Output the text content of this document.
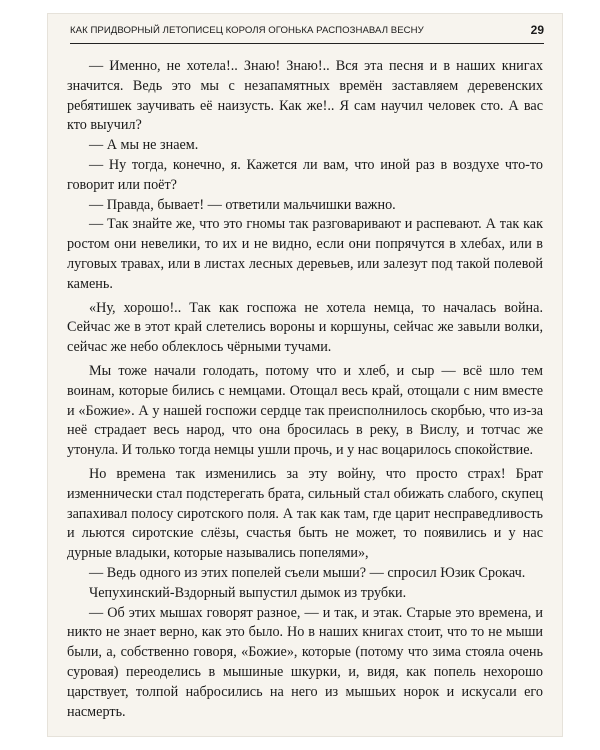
КАК ПРИДВОРНЫЙ ЛЕТОПИСЕЦ КОРОЛЯ ОГОНЬКА РАСПОЗНАВАЛ ВЕСНУ	29

— Именно, не хотела!.. Знаю! Знаю!.. Вся эта песня и в наших книгах значится. Ведь это мы с незапамятных времён заставляем деревенских ребятишек заучивать её наизусть. Как же!.. Я сам научил человек сто. А вас кто выучил?

— А мы не знаем.

— Ну тогда, конечно, я. Кажется ли вам, что иной раз в воздухе что-то говорит или поёт?

— Правда, бывает! — ответили мальчишки важно.

— Так знайте же, что это гномы так разговаривают и распевают. А так как ростом они невелики, то их и не видно, если они попрячутся в хлебах, или в луговых травах, или в листах лесных деревьев, или залезут под такой полевой камень.

«Ну, хорошо!.. Так как госпожа не хотела немца, то началась война. Сейчас же в этот край слетелись вороны и коршуны, сейчас же завыли волки, сейчас же небо облеклось чёрными тучами.

Мы тоже начали голодать, потому что и хлеб, и сыр — всё шло тем воинам, которые бились с немцами. Отощал весь край, отощали с ним вместе и «Божие». А у нашей госпожи сердце так преисполнилось скорбью, что из-за неё страдает весь народ, что она бросилась в реку, в Вислу, и тотчас же утонула. И только тогда немцы ушли прочь, и у нас воцарилось спокойствие.

Но времена так изменились за эту войну, что просто страх! Брат изменнически стал подстерегать брата, сильный стал обижать слабого, скупец запахивал полосу сиротского поля. А так как там, где царит несправедливость и льются сиротские слёзы, счастья быть не может, то появились и у нас дурные владыки, которые назывались попелями»,

— Ведь одного из этих попелей съели мыши? — спросил Юзик Срокач.

Чепухинский-Вздорный выпустил дымок из трубки.

— Об этих мышах говорят разное, — и так, и этак. Старые это времена, и никто не знает верно, как это было. Но в наших книгах стоит, что то не мыши были, а, собственно говоря, «Божие», которые (потому что зима стояла очень суровая) переоделись в мышиные шкурки, и, видя, как попель нехорошо царствует, толпой набросились на него из мышьих норок и искусали его насмерть.
